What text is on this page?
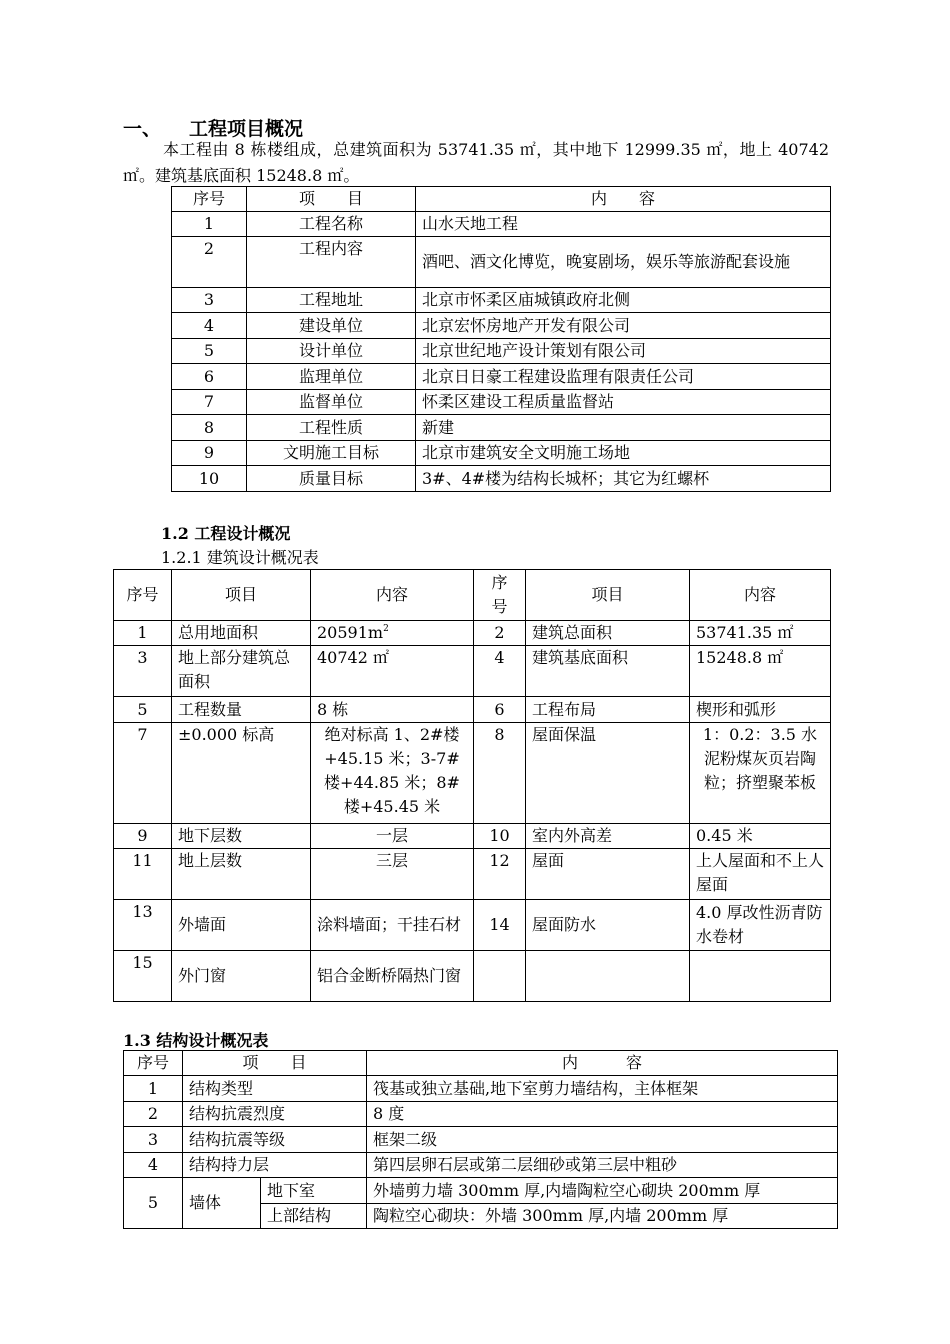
一、 工程项目概况
本工程由 8 栋楼组成，总建筑面积为 53741.35 ㎡，其中地下 12999.35 ㎡，地上 40742 ㎡。建筑基底面积 15248.8 ㎡。
序号	项　　目	内　　容
1	工程名称	山水天地工程
2	工程内容	酒吧、酒文化博览，晚宴剧场，娱乐等旅游配套设施
3	工程地址	北京市怀柔区庙城镇政府北侧
4	建设单位	北京宏怀房地产开发有限公司
5	设计单位	北京世纪地产设计策划有限公司
6	监理单位	北京日日豪工程建设监理有限责任公司
7	监督单位	怀柔区建设工程质量监督站
8	工程性质	新建
9	文明施工目标	北京市建筑安全文明施工场地
10	质量目标	3#、4#楼为结构长城杯；其它为红螺杯
1.2 工程设计概况
1.2.1 建筑设计概况表
序号	项目	内容	序号	项目	内容
1	总用地面积	$20591m^2$	2	建筑总面积	53741.35 ㎡
3	地上部分建筑总面积	40742 ㎡	4	建筑基底面积	15248.8 ㎡
5	工程数量	8 栋	6	工程布局	楔形和弧形
7	±0.000 标高	绝对标高 1、2#楼+45.15 米；3-7#楼+44.85 米；8#楼+45.45 米	8	屋面保温	1：0.2：3.5 水泥粉煤灰页岩陶粒；挤塑聚苯板
9	地下层数	一层	10	室内外高差	0.45 米
11	地上层数	三层	12	屋面	上人屋面和不上人屋面
13	外墙面	涂料墙面；干挂石材	14	屋面防水	4.0 厚改性沥青防水卷材
15	外门窗	铝合金断桥隔热门窗			
1.3 结构设计概况表
序号	项　　目		内　　　容
1	结构类型		筏基或独立基础,地下室剪力墙结构，主体框架
2	结构抗震烈度		8 度
3	结构抗震等级		框架二级
4	结构持力层		第四层卵石层或第二层细砂或第三层中粗砂
5	墙体	地下室	外墙剪力墙 300mm 厚,内墙陶粒空心砌块 200mm 厚
		上部结构	陶粒空心砌块：外墙 300mm 厚,内墙 200mm 厚
